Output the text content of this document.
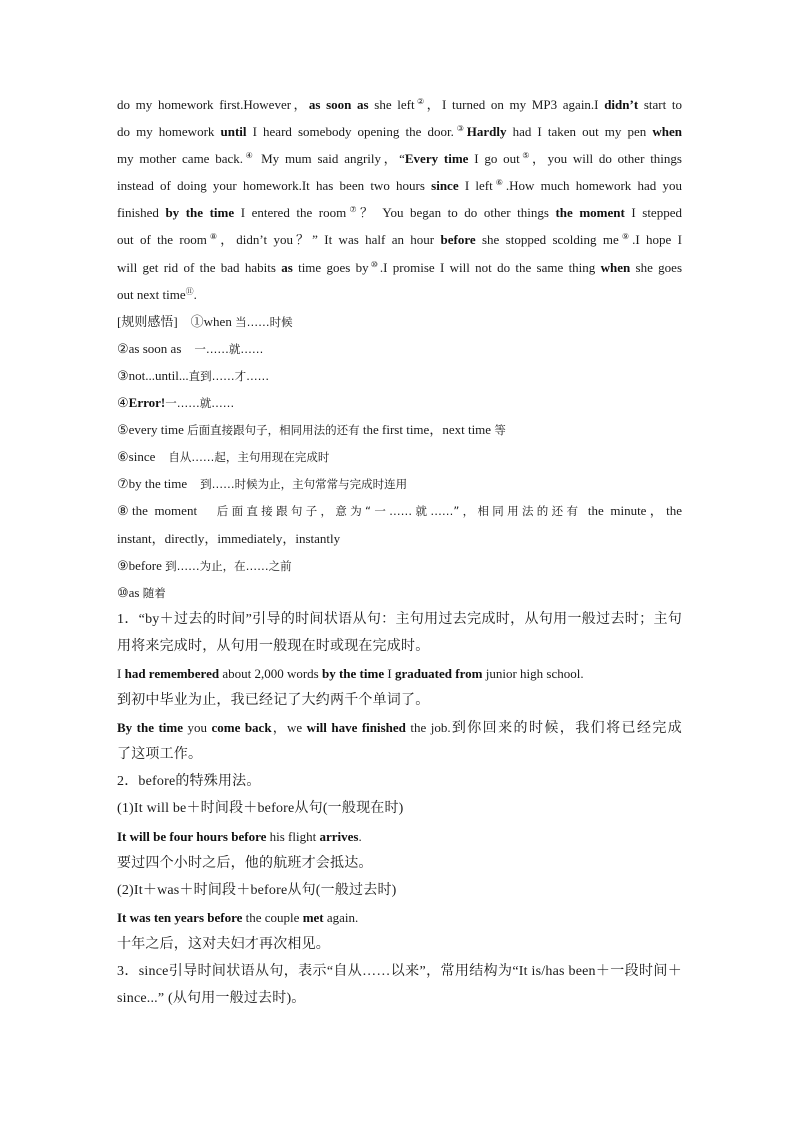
do my homework first.However，as soon as she left②，I turned on my MP3 again.I didn’t start to
do my homework until I heard somebody opening the door.③Hardly had I taken out my pen when
my mother came back.④ My mum said angrily，“Every time I go out⑤，you will do other things
instead of doing your homework.It has been two hours since I left⑥.How much homework had you
finished by the time I entered the room⑦？ You began to do other things the moment I stepped
out of the room⑧，didn’t you？” It was half an hour before she stopped scolding me⑨.I hope I
will get rid of the bad habits as time goes by⑩.I promise I will not do the same thing when she goes
out next time⑪.
[规则感悟]　①when 当……时候
②as soon as　一……就……
③not...until...直到……才……
④Error!一……就……
⑤every time 后面直接跟句子，相同用法的还有 the first time，next time 等
⑥since　自从……起，主句用现在完成时
⑦by the time　到……时候为止，主句常常与完成时连用
⑧the moment　后面直接跟句子，意为“一……就……”，相同用法的还有 the minute，the
instant，directly，immediately，instantly
⑨before 到……为止，在……之前
⑩as 随着
1．“by＋过去的时间”引导的时间状语从句：主句用过去完成时，从句用一般过去时；主句
用将来完成时，从句用一般现在时或现在完成时。
I had remembered about 2,000 words by the time I graduated from junior high school.
到初中毕业为止，我已经记了大约两千个单词了。
By the time you come back，we will have finished the job.到你回来的时候，我们将已经完成
了这项工作。
2．before的特殊用法。
(1)It will be＋时间段＋before从句(一般现在时)
It will be four hours before his flight arrives.
要过四个小时之后，他的航班才会抵达。
(2)It＋was＋时间段＋before从句(一般过去时)
It was ten years before the couple met again.
十年之后，这对夫妇才再次相见。
3．since引导时间状语从句，表示“自从……以来”，常用结构为“It is/has been＋一段时间＋
since...” (从句用一般过去时)。
